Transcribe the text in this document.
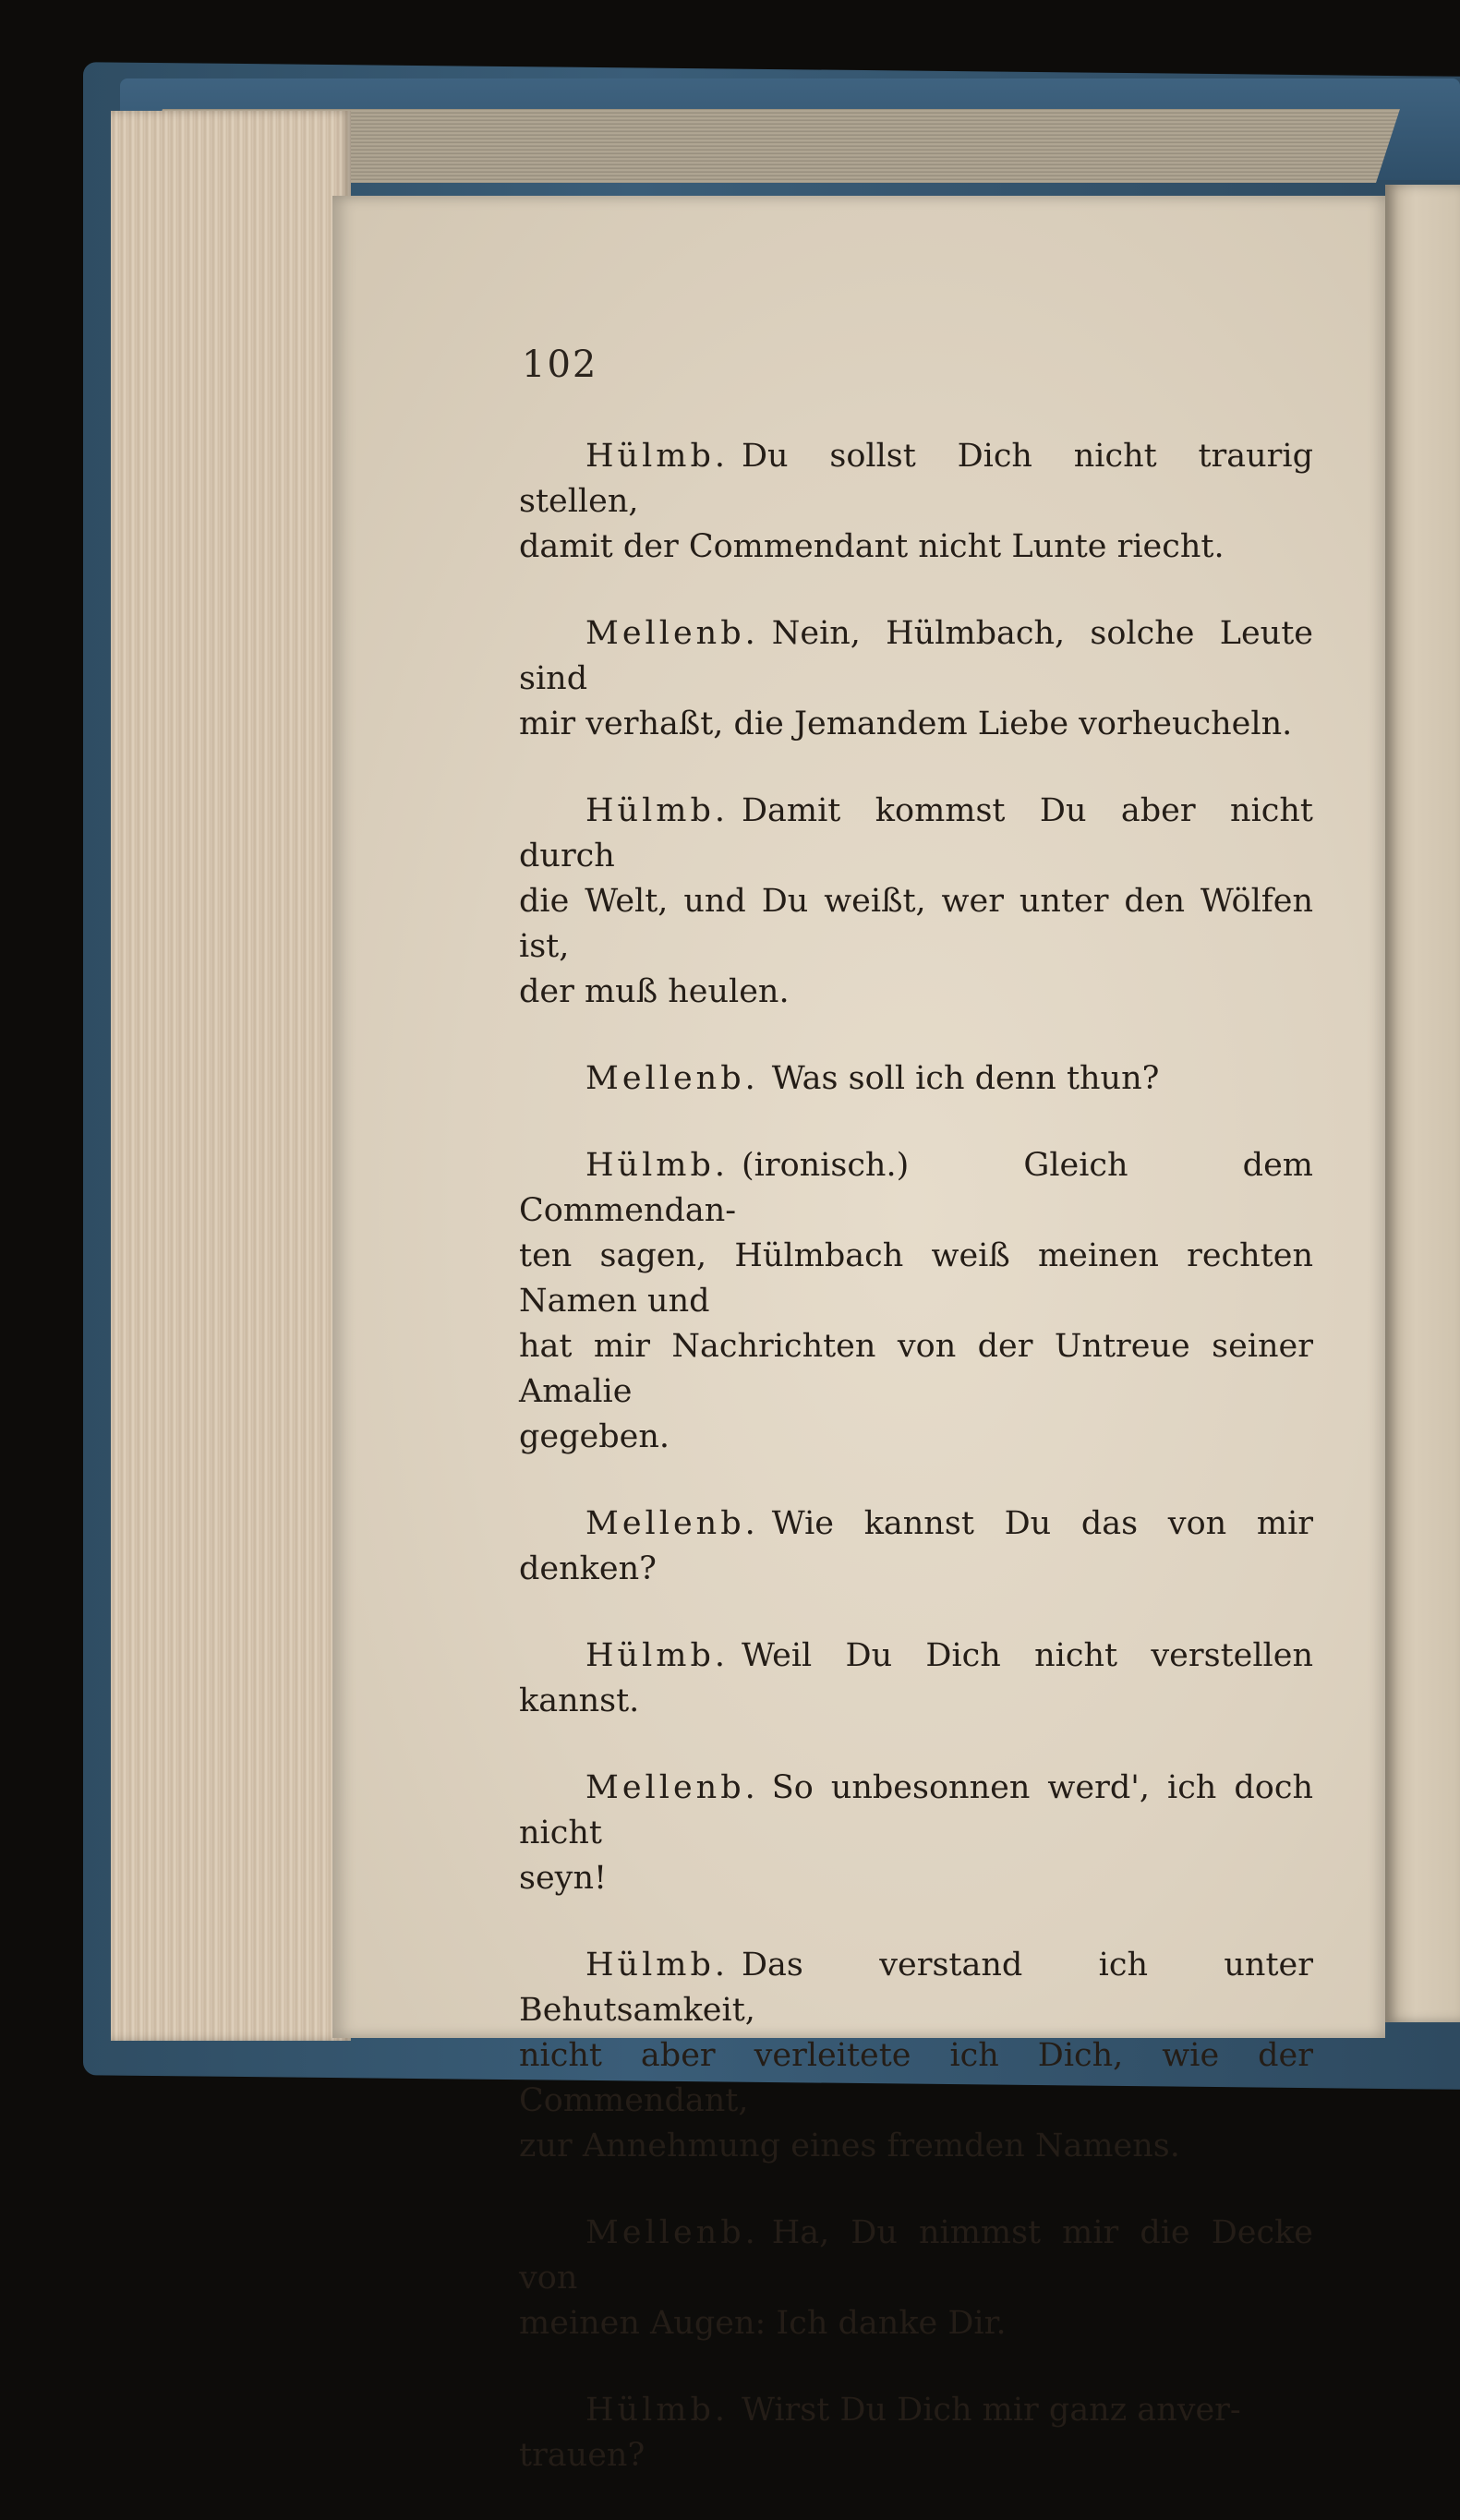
102

Hülmb. Du sollst Dich nicht traurig stellen,
damit der Commendant nicht Lunte riecht.

Mellenb. Nein, Hülmbach, solche Leute sind
mir verhaßt, die Jemandem Liebe vorheucheln.

Hülmb. Damit kommst Du aber nicht durch
die Welt, und Du weißt, wer unter den Wölfen ist,
der muß heulen.

Mellenb. Was soll ich denn thun?

Hülmb. (ironisch.) Gleich dem Commendan-
ten sagen, Hülmbach weiß meinen rechten Namen und
hat mir Nachrichten von der Untreue seiner Amalie
gegeben.

Mellenb. Wie kannst Du das von mir denken?

Hülmb. Weil Du Dich nicht verstellen kannst.

Mellenb. So unbesonnen werd', ich doch nicht
seyn!

Hülmb. Das verstand ich unter Behutsamkeit,
nicht aber verleitete ich Dich, wie der Commendant,
zur Annehmung eines fremden Namens.

Mellenb. Ha, Du nimmst mir die Decke von
meinen Augen: Ich danke Dir.

Hülmb. Wirst Du Dich mir ganz anver-
trauen?
